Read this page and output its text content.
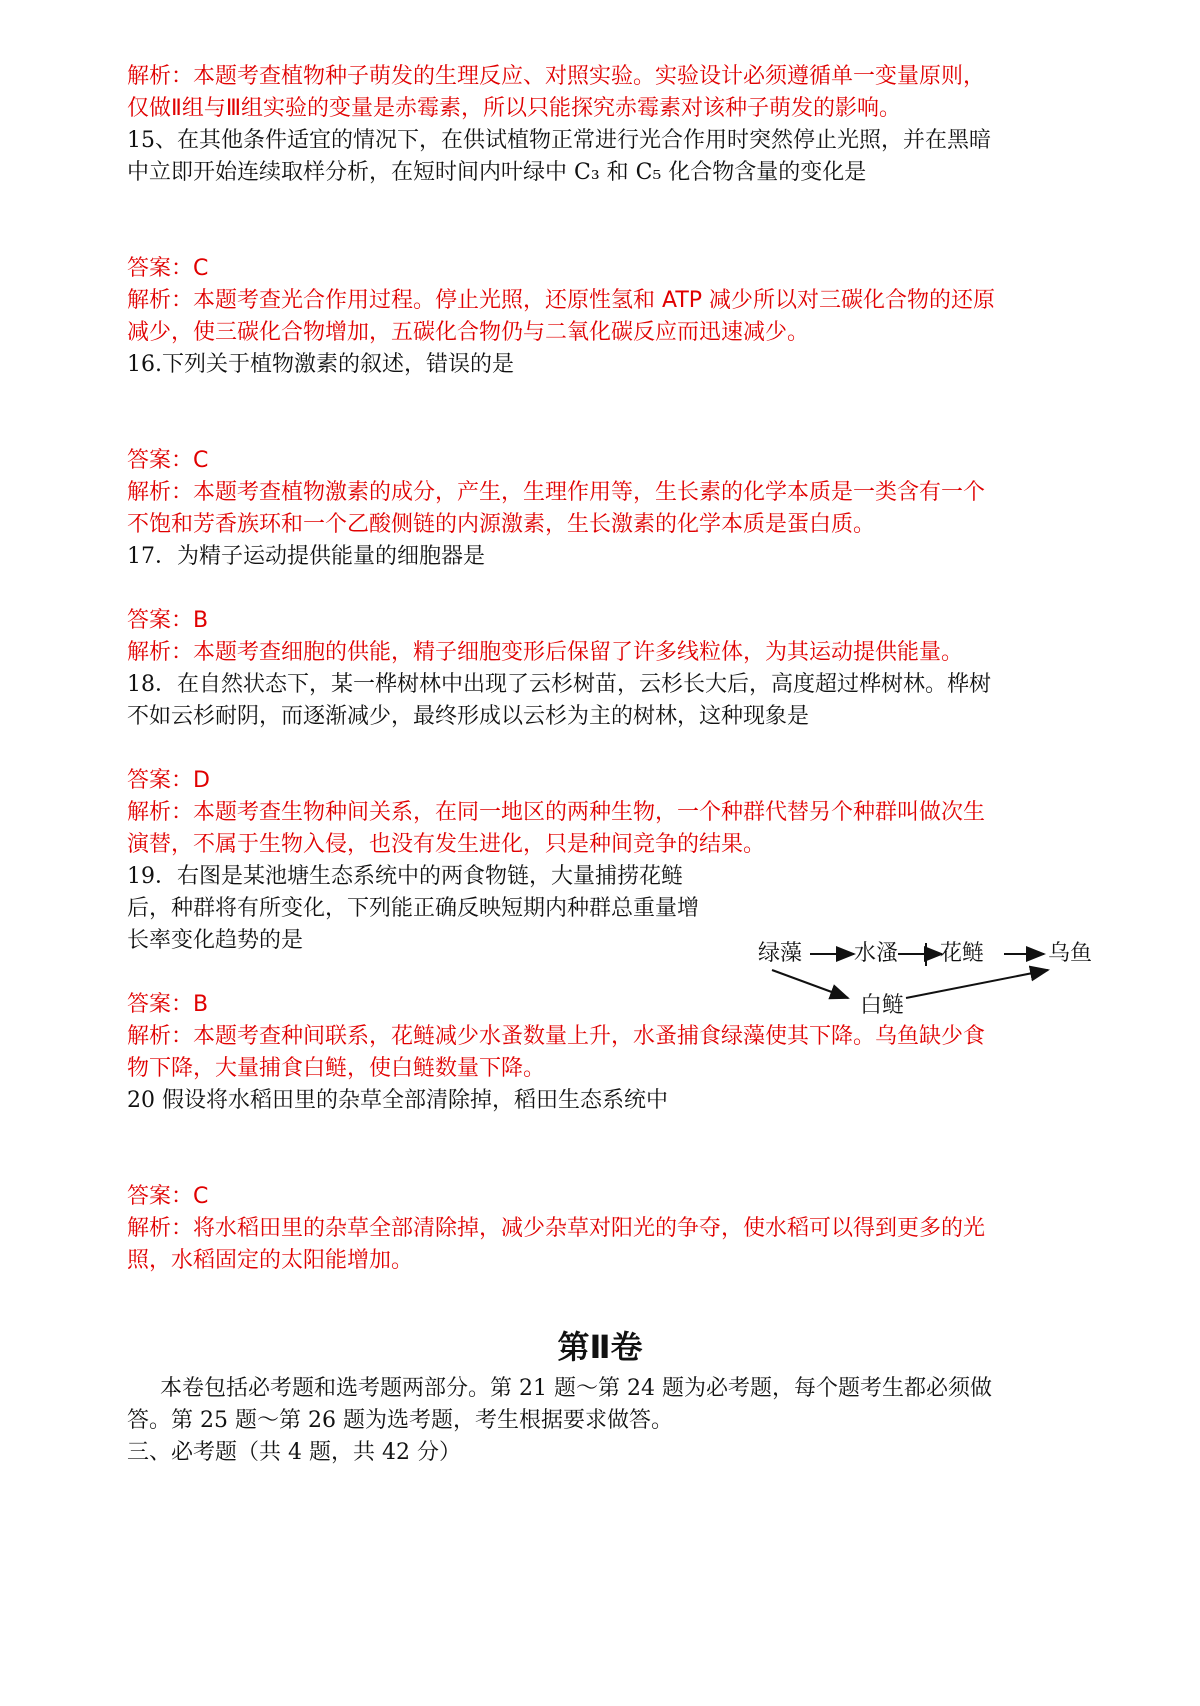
解析：本题考查植物种子萌发的生理反应、对照实验。实验设计必须遵循单一变量原则，
仅做Ⅱ组与Ⅲ组实验的变量是赤霉素，所以只能探究赤霉素对该种子萌发的影响。
15、在其他条件适宜的情况下，在供试植物正常进行光合作用时突然停止光照，并在黑暗
中立即开始连续取样分析，在短时间内叶绿中 C₃ 和 C₅ 化合物含量的变化是
答案：C
解析：本题考查光合作用过程。停止光照，还原性氢和 ATP 减少所以对三碳化合物的还原
减少，使三碳化合物增加，五碳化合物仍与二氧化碳反应而迅速减少。
16.下列关于植物激素的叙述，错误的是
答案：C
解析：本题考查植物激素的成分，产生，生理作用等，生长素的化学本质是一类含有一个
不饱和芳香族环和一个乙酸侧链的内源激素，生长激素的化学本质是蛋白质。
17．为精子运动提供能量的细胞器是
答案：B
解析：本题考查细胞的供能，精子细胞变形后保留了许多线粒体，为其运动提供能量。
18．在自然状态下，某一桦树林中出现了云杉树苗，云杉长大后，高度超过桦树林。桦树
不如云杉耐阴，而逐渐减少，最终形成以云杉为主的树林，这种现象是
答案：D
解析：本题考查生物种间关系，在同一地区的两种生物，一个种群代替另个种群叫做次生
演替，不属于生物入侵，也没有发生进化，只是种间竞争的结果。
19．右图是某池塘生态系统中的两食物链，大量捕捞花鲢
后，种群将有所变化，下列能正确反映短期内种群总重量增
长率变化趋势的是
绿藻 水溞 花鲢	乌鱼
白鲢
答案：B
解析：本题考查种间联系，花鲢减少水蚤数量上升，水蚤捕食绿藻使其下降。乌鱼缺少食
物下降，大量捕食白鲢，使白鲢数量下降。
20 假设将水稻田里的杂草全部清除掉，稻田生态系统中
答案：C
解析：将水稻田里的杂草全部清除掉，减少杂草对阳光的争夺，使水稻可以得到更多的光
照，水稻固定的太阳能增加。
第Ⅱ卷
本卷包括必考题和选考题两部分。第 21 题～第 24 题为必考题，每个题考生都必须做
答。第 25 题～第 26 题为选考题，考生根据要求做答。
三、必考题（共 4 题，共 42 分）
